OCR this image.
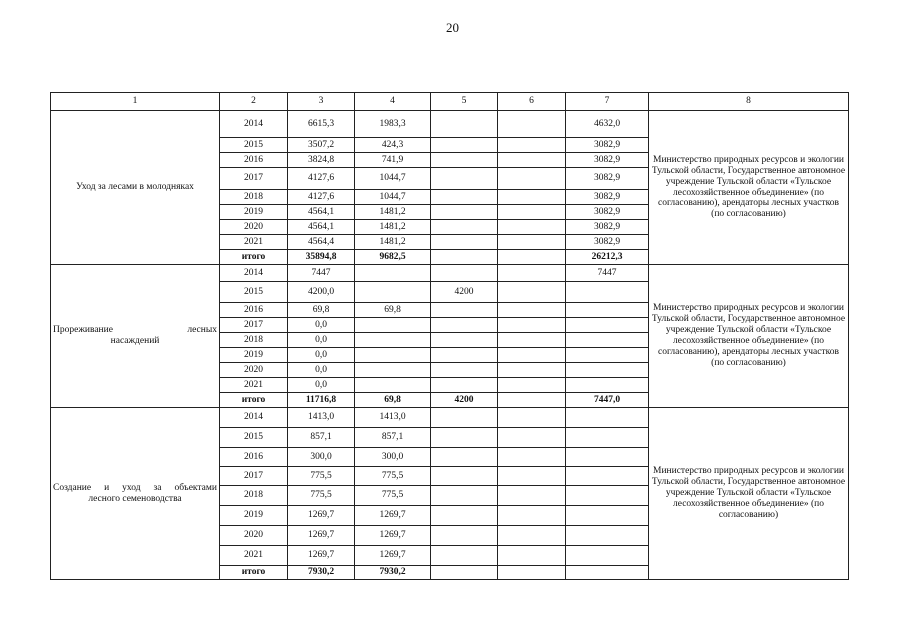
20
1	2	3	4	5	6	7	8
Уход за лесами в молодняках	2014	6615,3	1983,3			4632,0	Министерство природных ресурсов и экологии Тульской области, Государственное автономное учреждение Тульской области «Тульское лесохозяйственное объединение» (по согласованию), арендаторы лесных участков (по согласованию)
	2015	3507,2	424,3			3082,9	
	2016	3824,8	741,9			3082,9	
	2017	4127,6	1044,7			3082,9	
	2018	4127,6	1044,7			3082,9	
	2019	4564,1	1481,2			3082,9	
	2020	4564,1	1481,2			3082,9	
	2021	4564,4	1481,2			3082,9	
	итого	35894,8	9682,5			26212,3	

Прореживание лесных
насаждений	2014	7447				7447	Министерство природных ресурсов и экологии Тульской области, Государственное автономное учреждение Тульской области «Тульское лесохозяйственное объединение» (по согласованию), арендаторы лесных участков (по согласованию)
	2015	4200,0		4200			
	2016	69,8	69,8				
	2017	0,0					
	2018	0,0					
	2019	0,0					
	2020	0,0					
	2021	0,0					
	итого	11716,8	69,8	4200		7447,0	

Создание и уход за объектами
лесного семеноводства	2014	1413,0	1413,0				Министерство природных ресурсов и экологии Тульской области, Государственное автономное учреждение Тульской области «Тульское лесохозяйственное объединение» (по согласованию)
	2015	857,1	857,1				
	2016	300,0	300,0				
	2017	775,5	775,5				
	2018	775,5	775,5				
	2019	1269,7	1269,7				
	2020	1269,7	1269,7				
	2021	1269,7	1269,7				
	итого	7930,2	7930,2				
